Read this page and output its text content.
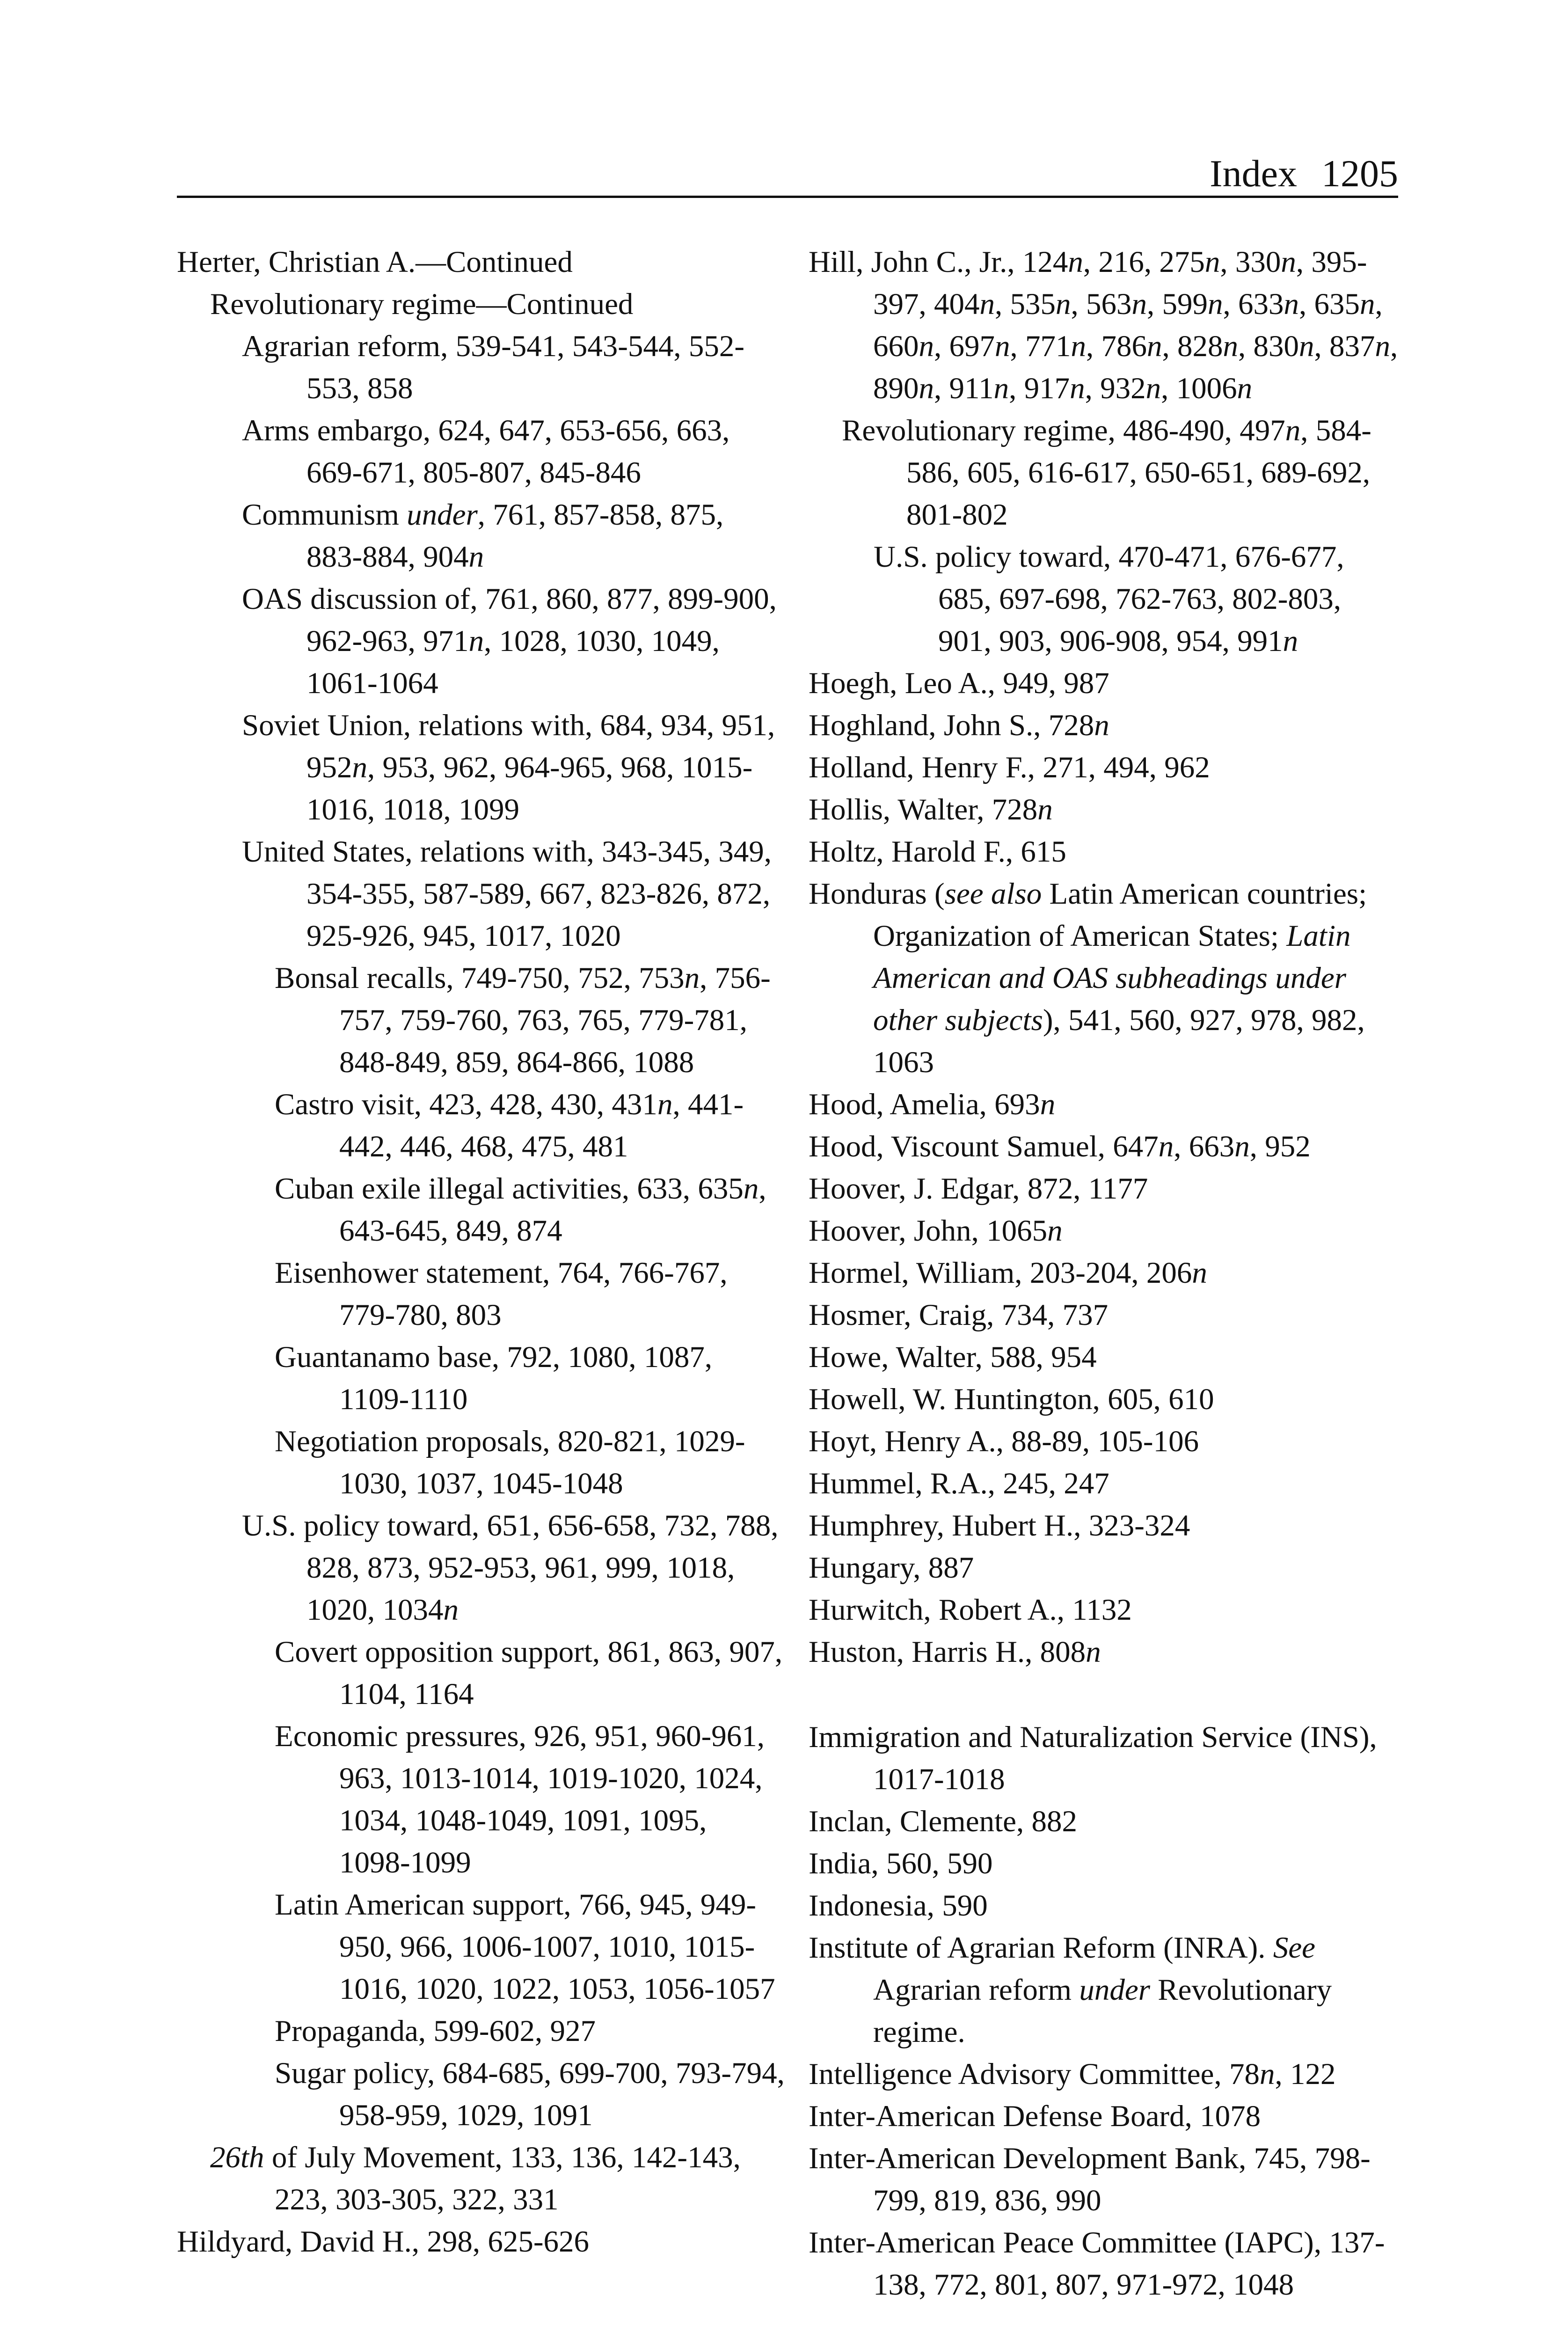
Index 1205

Herter, Christian A.—Continued

Revolutionary regime—Continued

Agrarian reform, 539-541, 543-544, 552-553, 858

Arms embargo, 624, 647, 653-656, 663, 669-671, 805-807, 845-846

Communism under, 761, 857-858, 875, 883-884, 904n

OAS discussion of, 761, 860, 877, 899-900, 962-963, 971n, 1028, 1030, 1049, 1061-1064

Soviet Union, relations with, 684, 934, 951, 952n, 953, 962, 964-965, 968, 1015-1016, 1018, 1099

United States, relations with, 343-345, 349, 354-355, 587-589, 667, 823-826, 872, 925-926, 945, 1017, 1020

Bonsal recalls, 749-750, 752, 753n, 756-757, 759-760, 763, 765, 779-781, 848-849, 859, 864-866, 1088

Castro visit, 423, 428, 430, 431n, 441-442, 446, 468, 475, 481

Cuban exile illegal activities, 633, 635n, 643-645, 849, 874

Eisenhower statement, 764, 766-767, 779-780, 803

Guantanamo base, 792, 1080, 1087, 1109-1110

Negotiation proposals, 820-821, 1029-1030, 1037, 1045-1048

U.S. policy toward, 651, 656-658, 732, 788, 828, 873, 952-953, 961, 999, 1018, 1020, 1034n

Covert opposition support, 861, 863, 907, 1104, 1164

Economic pressures, 926, 951, 960-961, 963, 1013-1014, 1019-1020, 1024, 1034, 1048-1049, 1091, 1095, 1098-1099

Latin American support, 766, 945, 949-950, 966, 1006-1007, 1010, 1015-1016, 1020, 1022, 1053, 1056-1057

Propaganda, 599-602, 927

Sugar policy, 684-685, 699-700, 793-794, 958-959, 1029, 1091

26th of July Movement, 133, 136, 142-143, 223, 303-305, 322, 331

Hildyard, David H., 298, 625-626

Hill, John C., Jr., 124n, 216, 275n, 330n, 395-397, 404n, 535n, 563n, 599n, 633n, 635n, 660n, 697n, 771n, 786n, 828n, 830n, 837n, 890n, 911n, 917n, 932n, 1006n

Revolutionary regime, 486-490, 497n, 584-586, 605, 616-617, 650-651, 689-692, 801-802

U.S. policy toward, 470-471, 676-677, 685, 697-698, 762-763, 802-803, 901, 903, 906-908, 954, 991n

Hoegh, Leo A., 949, 987

Hoghland, John S., 728n

Holland, Henry F., 271, 494, 962

Hollis, Walter, 728n

Holtz, Harold F., 615

Honduras (see also Latin American countries; Organization of American States; Latin American and OAS subheadings under other subjects), 541, 560, 927, 978, 982, 1063

Hood, Amelia, 693n

Hood, Viscount Samuel, 647n, 663n, 952

Hoover, J. Edgar, 872, 1177

Hoover, John, 1065n

Hormel, William, 203-204, 206n

Hosmer, Craig, 734, 737

Howe, Walter, 588, 954

Howell, W. Huntington, 605, 610

Hoyt, Henry A., 88-89, 105-106

Hummel, R.A., 245, 247

Humphrey, Hubert H., 323-324

Hungary, 887

Hurwitch, Robert A., 1132

Huston, Harris H., 808n

Immigration and Naturalization Service (INS), 1017-1018

Inclan, Clemente, 882

India, 560, 590

Indonesia, 590

Institute of Agrarian Reform (INRA). See Agrarian reform under Revolutionary regime.

Intelligence Advisory Committee, 78n, 122

Inter-American Defense Board, 1078

Inter-American Development Bank, 745, 798-799, 819, 836, 990

Inter-American Peace Committee (IAPC), 137-138, 772, 801, 807, 971-972, 1048
